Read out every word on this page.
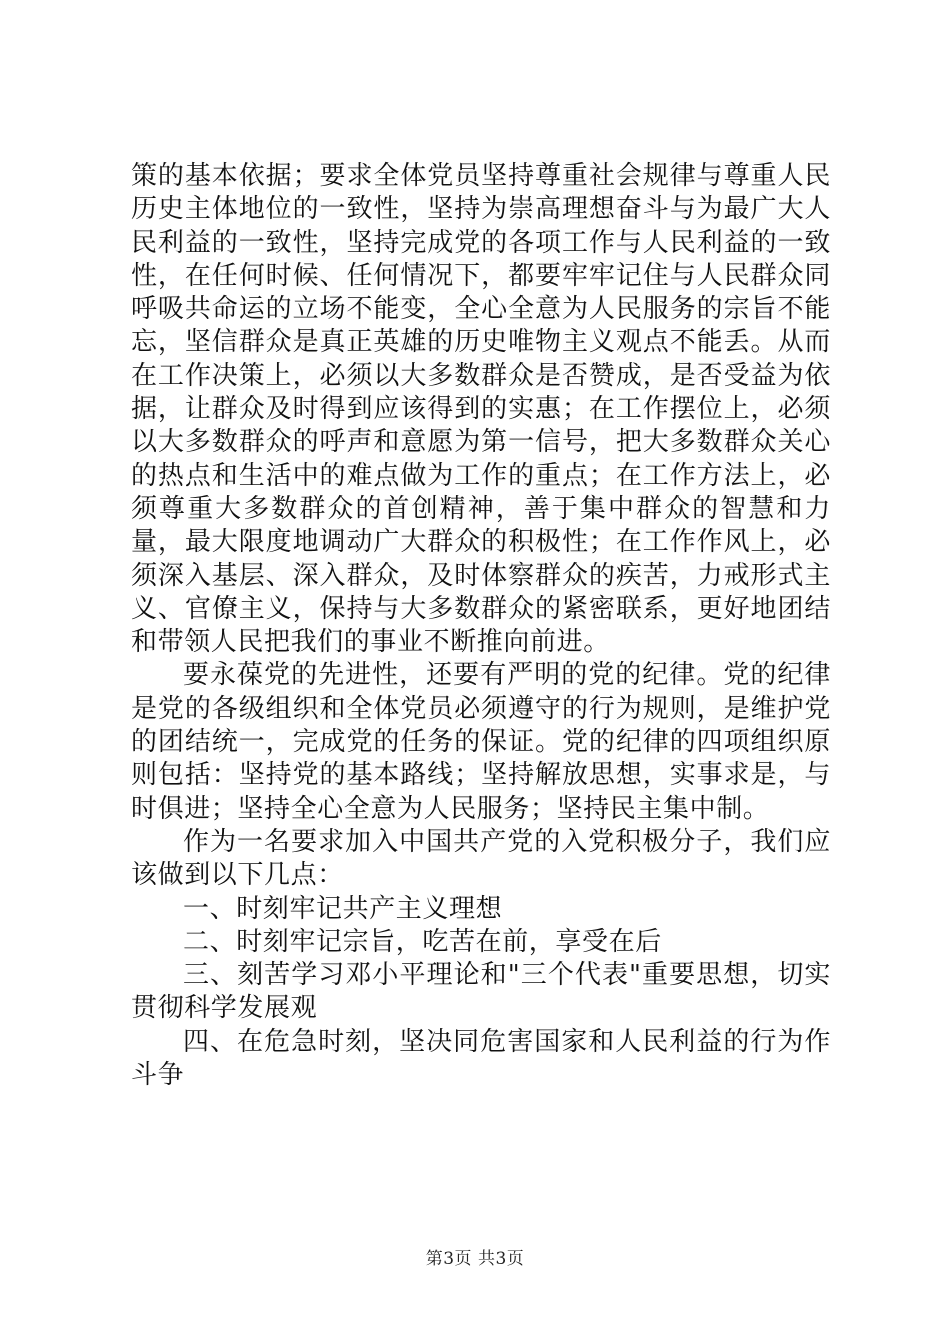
策的基本依据；要求全体党员坚持尊重社会规律与尊重人民历史主体地位的一致性，坚持为崇高理想奋斗与为最广大人民利益的一致性，坚持完成党的各项工作与人民利益的一致性，在任何时候、任何情况下，都要牢牢记住与人民群众同呼吸共命运的立场不能变，全心全意为人民服务的宗旨不能忘，坚信群众是真正英雄的历史唯物主义观点不能丢。从而在工作决策上，必须以大多数群众是否赞成，是否受益为依据，让群众及时得到应该得到的实惠；在工作摆位上，必须以大多数群众的呼声和意愿为第一信号，把大多数群众关心的热点和生活中的难点做为工作的重点；在工作方法上，必须尊重大多数群众的首创精神，善于集中群众的智慧和力量，最大限度地调动广大群众的积极性；在工作作风上，必须深入基层、深入群众，及时体察群众的疾苦，力戒形式主义、官僚主义，保持与大多数群众的紧密联系，更好地团结和带领人民把我们的事业不断推向前进。

要永葆党的先进性，还要有严明的党的纪律。党的纪律是党的各级组织和全体党员必须遵守的行为规则，是维护党的团结统一，完成党的任务的保证。党的纪律的四项组织原则包括：坚持党的基本路线；坚持解放思想，实事求是，与时俱进；坚持全心全意为人民服务；坚持民主集中制。

作为一名要求加入中国共产党的入党积极分子，我们应该做到以下几点：

一、时刻牢记共产主义理想

二、时刻牢记宗旨，吃苦在前，享受在后

三、刻苦学习邓小平理论和"三个代表"重要思想，切实贯彻科学发展观

四、在危急时刻，坚决同危害国家和人民利益的行为作斗争

第3页 共3页
